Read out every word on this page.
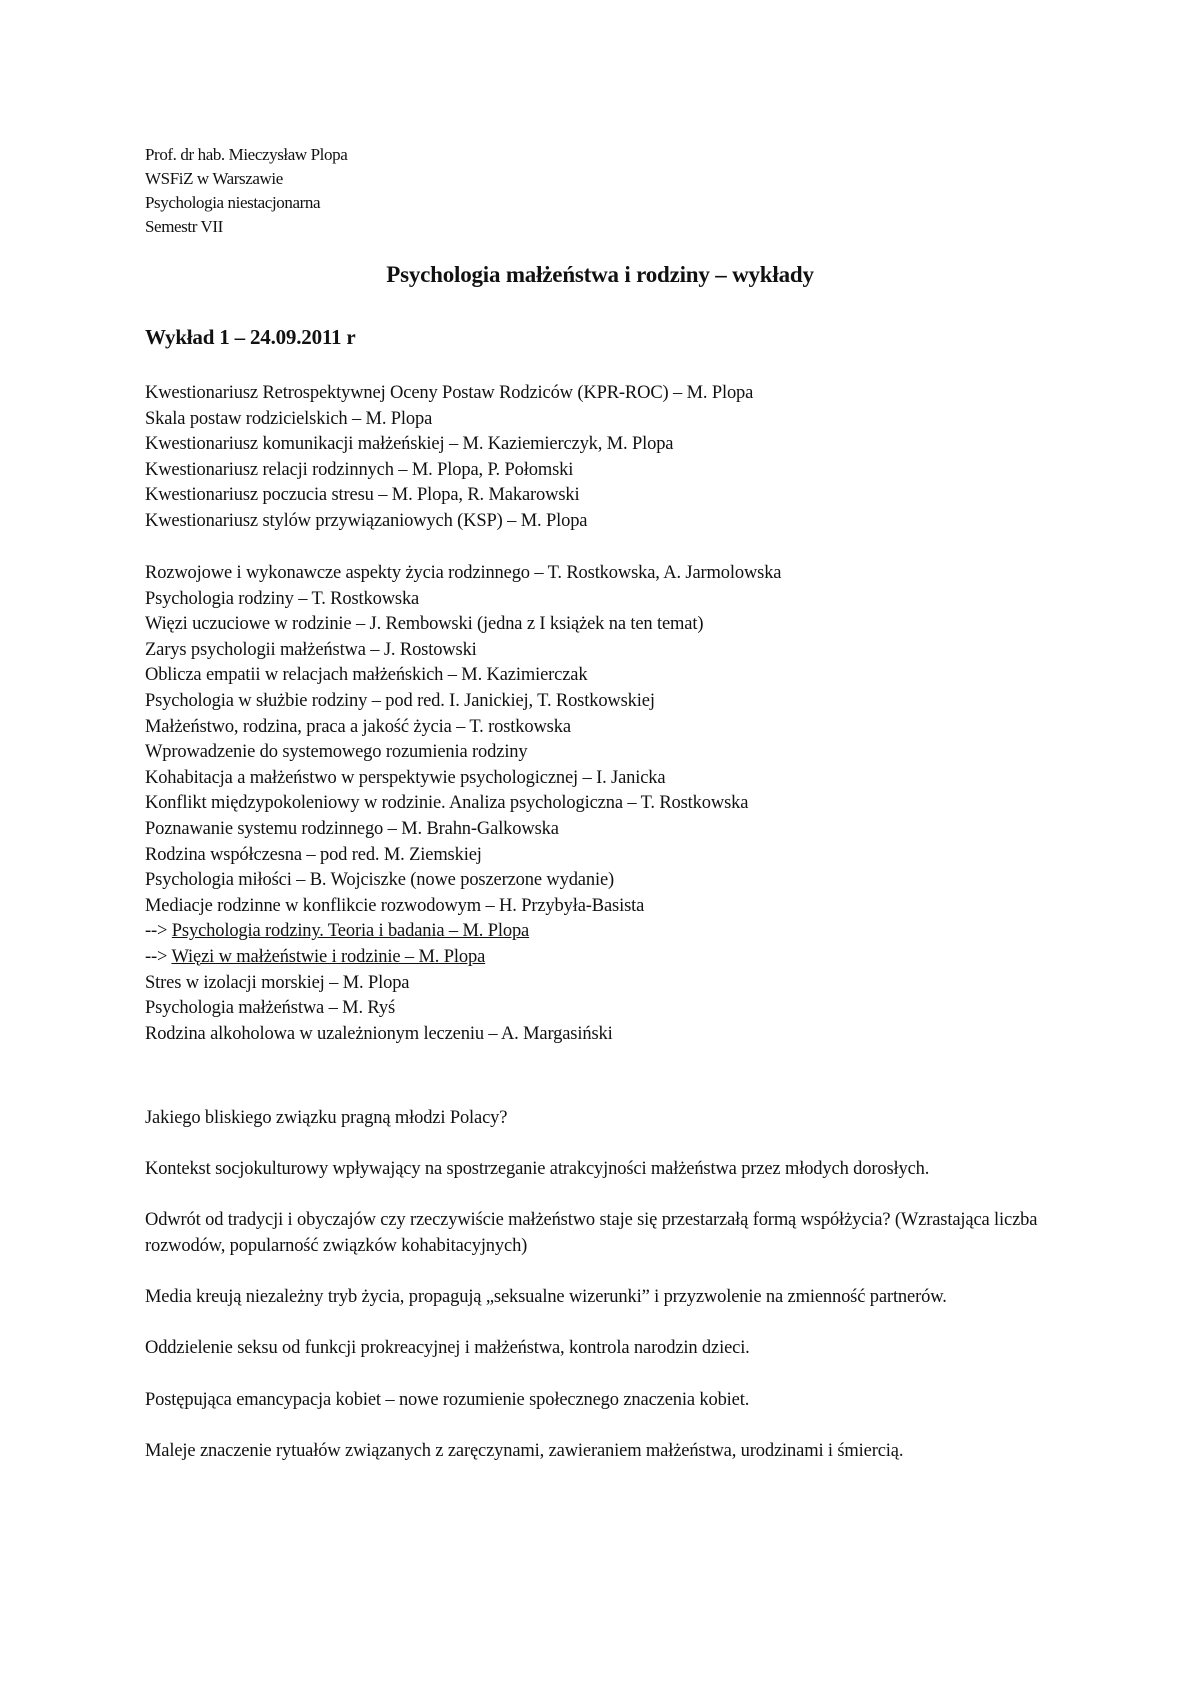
Prof. dr hab. Mieczysław Plopa
WSFiZ w Warszawie
Psychologia niestacjonarna
Semestr VII
Psychologia małżeństwa i rodziny – wykłady
Wykład 1 – 24.09.2011 r
Kwestionariusz Retrospektywnej Oceny Postaw Rodziców (KPR-ROC) – M. Plopa
Skala postaw rodzicielskich – M. Plopa
Kwestionariusz komunikacji małżeńskiej – M. Kaziemierczyk, M. Plopa
Kwestionariusz relacji rodzinnych – M. Plopa, P. Połomski
Kwestionariusz poczucia stresu – M. Plopa, R. Makarowski
Kwestionariusz stylów przywiązaniowych (KSP) – M. Plopa
Rozwojowe i wykonawcze aspekty życia rodzinnego – T. Rostkowska, A. Jarmolowska
Psychologia rodziny – T. Rostkowska
Więzi uczuciowe w rodzinie – J. Rembowski (jedna z I książek na ten temat)
Zarys psychologii małżeństwa – J. Rostowski
Oblicza empatii w relacjach małżeńskich – M. Kazimierczak
Psychologia w służbie rodziny – pod red. I. Janickiej, T. Rostkowskiej
Małżeństwo, rodzina, praca a jakość życia – T. rostkowska
Wprowadzenie do systemowego rozumienia rodziny
Kohabitacja a małżeństwo w perspektywie psychologicznej – I. Janicka
Konflikt międzypokoleniowy w rodzinie. Analiza psychologiczna – T. Rostkowska
Poznawanie systemu rodzinnego – M. Brahn-Galkowska
Rodzina współczesna – pod red. M. Ziemskiej
Psychologia miłości – B. Wojciszke (nowe poszerzone wydanie)
Mediacje rodzinne w konflikcie rozwodowym – H. Przybyła-Basista
--> Psychologia rodziny. Teoria i badania – M. Plopa
--> Więzi w małżeństwie i rodzinie – M. Plopa
Stres w izolacji morskiej – M. Plopa
Psychologia małżeństwa – M. Ryś
Rodzina alkoholowa w uzależnionym leczeniu – A. Margasiński

Jakiego bliskiego związku pragną młodzi Polacy?

Kontekst socjokulturowy wpływający na spostrzeganie atrakcyjności małżeństwa przez młodych dorosłych.

Odwrót od tradycji i obyczajów czy rzeczywiście małżeństwo staje się przestarzałą formą współżycia? (Wzrastająca liczba rozwodów, popularność związków kohabitacyjnych)

Media kreują niezależny tryb życia, propagują „seksualne wizerunki” i przyzwolenie na zmienność partnerów.

Oddzielenie seksu od funkcji prokreacyjnej i małżeństwa, kontrola narodzin dzieci.

Postępująca emancypacja kobiet – nowe rozumienie społecznego znaczenia kobiet.

Maleje znaczenie rytuałów związanych z zaręczynami, zawieraniem małżeństwa, urodzinami i śmiercią.
